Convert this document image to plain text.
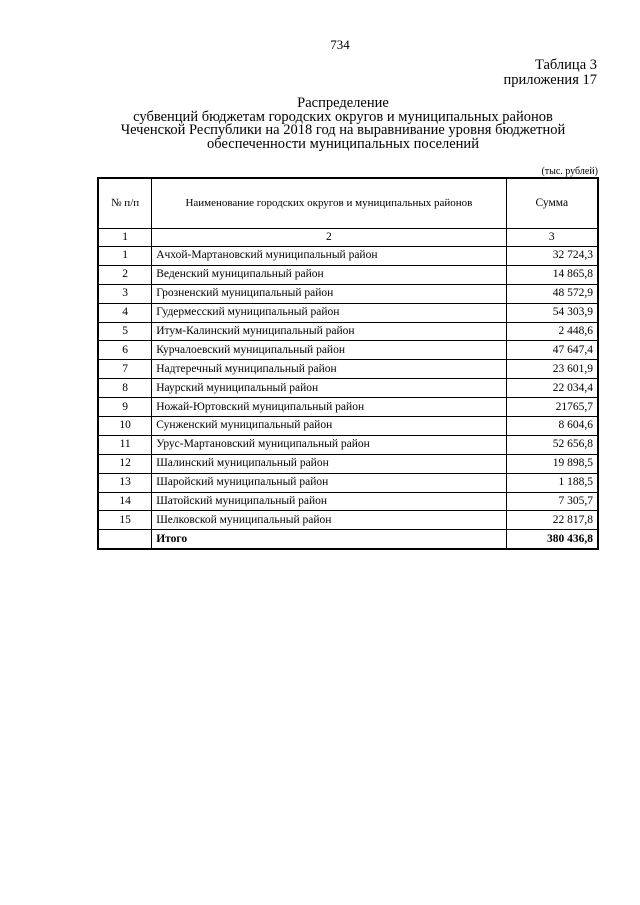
734
Таблица 3
приложения 17
Распределение
субвенций бюджетам городских округов и муниципальных районов
Чеченской Республики на 2018 год на выравнивание уровня бюджетной
обеспеченности муниципальных поселений
(тыс. рублей)
№ п/п	Наименование городских округов и муниципальных районов	Сумма
1	2	3
1	Ачхой-Мартановский муниципальный район	32 724,3
2	Веденский муниципальный район	14 865,8
3	Грозненский муниципальный район	48 572,9
4	Гудермесский муниципальный район	54 303,9
5	Итум-Калинский муниципальный район	2 448,6
6	Курчалоевский муниципальный район	47 647,4
7	Надтеречный муниципальный район	23 601,9
8	Наурский муниципальный район	22 034,4
9	Ножай-Юртовский муниципальный район	21765,7
10	Сунженский муниципальный район	8 604,6
11	Урус-Мартановский муниципальный район	52 656,8
12	Шалинский муниципальный район	19 898,5
13	Шаройский муниципальный район	1 188,5
14	Шатойский муниципальный район	7 305,7
15	Шелковской муниципальный район	22 817,8
	Итого	380 436,8
